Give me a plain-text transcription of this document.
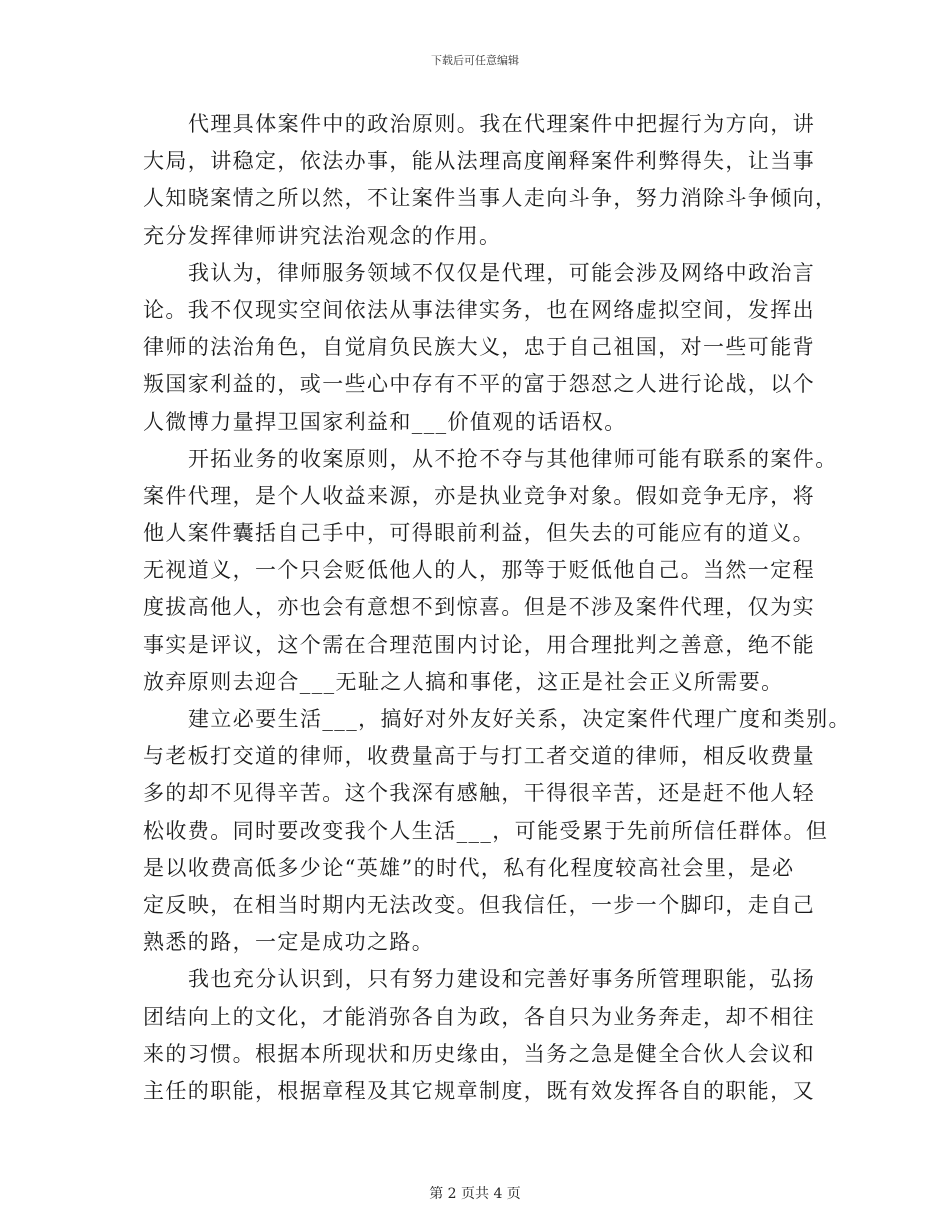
下载后可任意编辑
代理具体案件中的政治原则。我在代理案件中把握行为方向，讲
大局，讲稳定，依法办事，能从法理高度阐释案件利弊得失，让当事
人知晓案情之所以然，不让案件当事人走向斗争，努力消除斗争倾向，
充分发挥律师讲究法治观念的作用。
我认为，律师服务领域不仅仅是代理，可能会涉及网络中政治言
论。我不仅现实空间依法从事法律实务，也在网络虚拟空间，发挥出
律师的法治角色，自觉肩负民族大义，忠于自己祖国，对一些可能背
叛国家利益的，或一些心中存有不平的富于怨怼之人进行论战，以个
人微博力量捍卫国家利益和___价值观的话语权。
开拓业务的收案原则，从不抢不夺与其他律师可能有联系的案件。
案件代理，是个人收益来源，亦是执业竞争对象。假如竞争无序，将
他人案件囊括自己手中，可得眼前利益，但失去的可能应有的道义。
无视道义，一个只会贬低他人的人，那等于贬低他自己。当然一定程
度拔高他人，亦也会有意想不到惊喜。但是不涉及案件代理，仅为实
事实是评议，这个需在合理范围内讨论，用合理批判之善意，绝不能
放弃原则去迎合___无耻之人搞和事佬，这正是社会正义所需要。
建立必要生活___，搞好对外友好关系，决定案件代理广度和类别。
与老板打交道的律师，收费量高于与打工者交道的律师，相反收费量
多的却不见得辛苦。这个我深有感触，干得很辛苦，还是赶不他人轻
松收费。同时要改变我个人生活___，可能受累于先前所信任群体。但
是以收费高低多少论“英雄”的时代，私有化程度较高社会里，是必
定反映，在相当时期内无法改变。但我信任，一步一个脚印，走自己
熟悉的路，一定是成功之路。
我也充分认识到，只有努力建设和完善好事务所管理职能，弘扬
团结向上的文化，才能消弥各自为政，各自只为业务奔走，却不相往
来的习惯。根据本所现状和历史缘由，当务之急是健全合伙人会议和
主任的职能，根据章程及其它规章制度，既有效发挥各自的职能，又
第 2 页共 4 页
